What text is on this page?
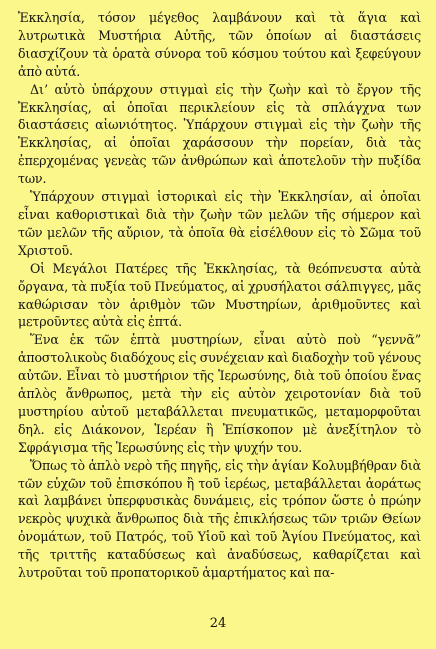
Ἐκκλησία, τόσον μέγεθος λαμβάνουν καὶ τὰ ἅγια καὶ λυτρωτικὰ Μυστήρια Αὐτῆς, τῶν ὁποίων αἱ διαστάσεις διασχίζουν τὰ ὁρατὰ σύνορα τοῦ κόσμου τούτου καὶ ξεφεύγουν ἀπὸ αὐτά.

Διʼ αὐτὸ ὑπάρχουν στιγμαὶ εἰς τὴν ζωὴν καὶ τὸ ἔργον τῆς Ἐκκλησίας, αἱ ὁποῖαι περικλείουν εἰς τὰ σπλάγχνα των διαστάσεις αἰωνιότητος. Ὑπάρχουν στιγμαὶ εἰς τὴν ζωὴν τῆς Ἐκκλησίας, αἱ ὁποῖαι χαράσσουν τὴν πορείαν, διὰ τὰς ἐπερχομένας γενεὰς τῶν ἀνθρώπων καὶ ἀποτελοῦν τὴν πυξίδα των.

Ὑπάρχουν στιγμαὶ ἱστορικαὶ εἰς τὴν Ἐκκλησίαν, αἱ ὁποῖαι εἶναι καθοριστικαὶ διὰ τὴν ζωὴν τῶν μελῶν τῆς σήμερον καὶ τῶν μελῶν τῆς αὔριον, τὰ ὁποῖα θὰ εἰσέλθουν εἰς τὸ Σῶμα τοῦ Χριστοῦ.

Οἱ Μεγάλοι Πατέρες τῆς Ἐκκλησίας, τὰ θεόπνευστα αὐτὰ ὄργανα, τὰ πυξία τοῦ Πνεύματος, αἱ χρυσήλατοι σάλπιγγες, μᾶς καθώρισαν τὸν ἀριθμὸν τῶν Μυστηρίων, ἀριθμοῦντες καὶ μετροῦντες αὐτὰ εἰς ἑπτά.

Ἕνα ἐκ τῶν ἑπτὰ μυστηρίων, εἶναι αὐτὸ ποὺ “γεννᾶ” ἀποστολικοὺς διαδόχους εἰς συνέχειαν καὶ διαδοχὴν τοῦ γένους αὐτῶν. Εἶναι τὸ μυστήριον τῆς Ἱερωσύνης, διὰ τοῦ ὁποίου ἕνας ἁπλὸς ἄνθρωπος, μετὰ τὴν εἰς αὐτὸν χειροτονίαν διὰ τοῦ μυστηρίου αὐτοῦ μεταβάλλεται πνευματικῶς, μεταμορφοῦται δηλ. εἰς Διάκονον, Ἱερέαν ἢ Ἐπίσκοπον μὲ ἀνεξίτηλον τὸ Σφράγισμα τῆς Ἱερωσύνης εἰς τὴν ψυχήν του.

Ὅπως τὸ ἁπλὸ νερὸ τῆς πηγῆς, εἰς τὴν ἁγίαν Κολυμβήθραν διὰ τῶν εὐχῶν τοῦ ἐπισκόπου ἢ τοῦ ἱερέως, μεταβάλλεται ἀοράτως καὶ λαμβάνει ὑπερφυσικὰς δυνάμεις, εἰς τρόπον ὥστε ὁ πρώην νεκρὸς ψυχικὰ ἄνθρωπος διὰ τῆς ἐπικλήσεως τῶν τριῶν Θείων ὀνομάτων, τοῦ Πατρός, τοῦ Υἱοῦ καὶ τοῦ Ἁγίου Πνεύματος, καὶ τῆς τριττῆς καταδύσεως καὶ ἀναδύσεως, καθαρίζεται καὶ λυτροῦται τοῦ προπατορικοῦ ἁμαρτήματος καὶ πα-

24
